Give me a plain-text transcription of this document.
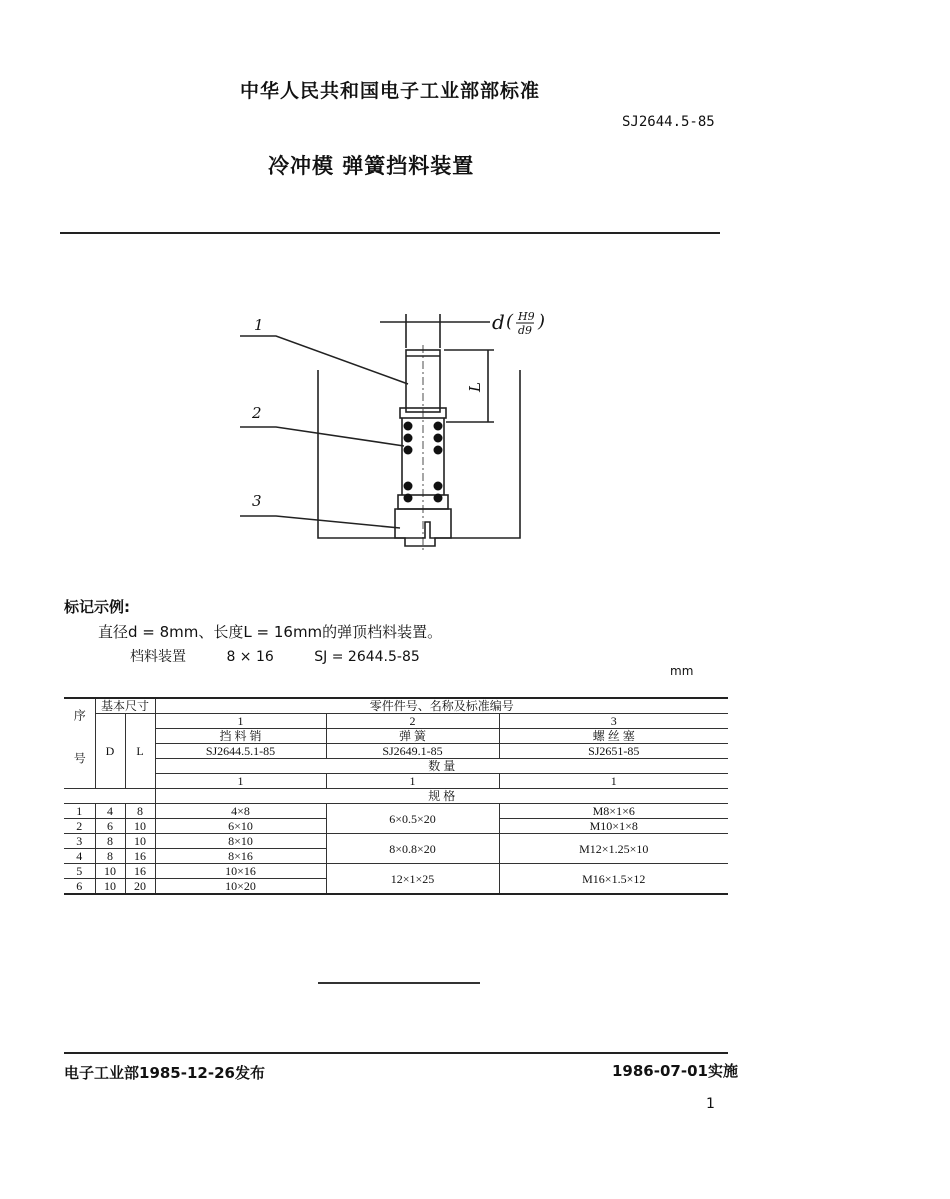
中华人民共和国电子工业部部标准
SJ2644.5-85
冷冲模 弹簧挡料装置
1
2
3
d ( H9
d9 )
L
标记示例:
直径d = 8mm、长度L = 16mm的弹顶档料装置。
档料装置	8 × 16	SJ = 2644.5-85
mm
序 号	基本尺寸		零件件号、名称及标准编号		
	D	L	1	2	3
			挡 料 销	弹 簧	螺 丝 塞
			SJ2644.5.1-85	SJ2649.1-85	SJ2651-85
			数 量		
			1	1	1
			规 格		
1	4	8	4×8	6×0.5×20	M8×1×6
2	6	10	6×10		M10×1×8
3	8	10	8×10	8×0.8×20	M12×1.25×10
4	8	16	8×16		
5	10	16	10×16	12×1×25	M16×1.5×12
6	10	20	10×20		
电子工业部1985-12-26发布	1986-07-01实施
1
